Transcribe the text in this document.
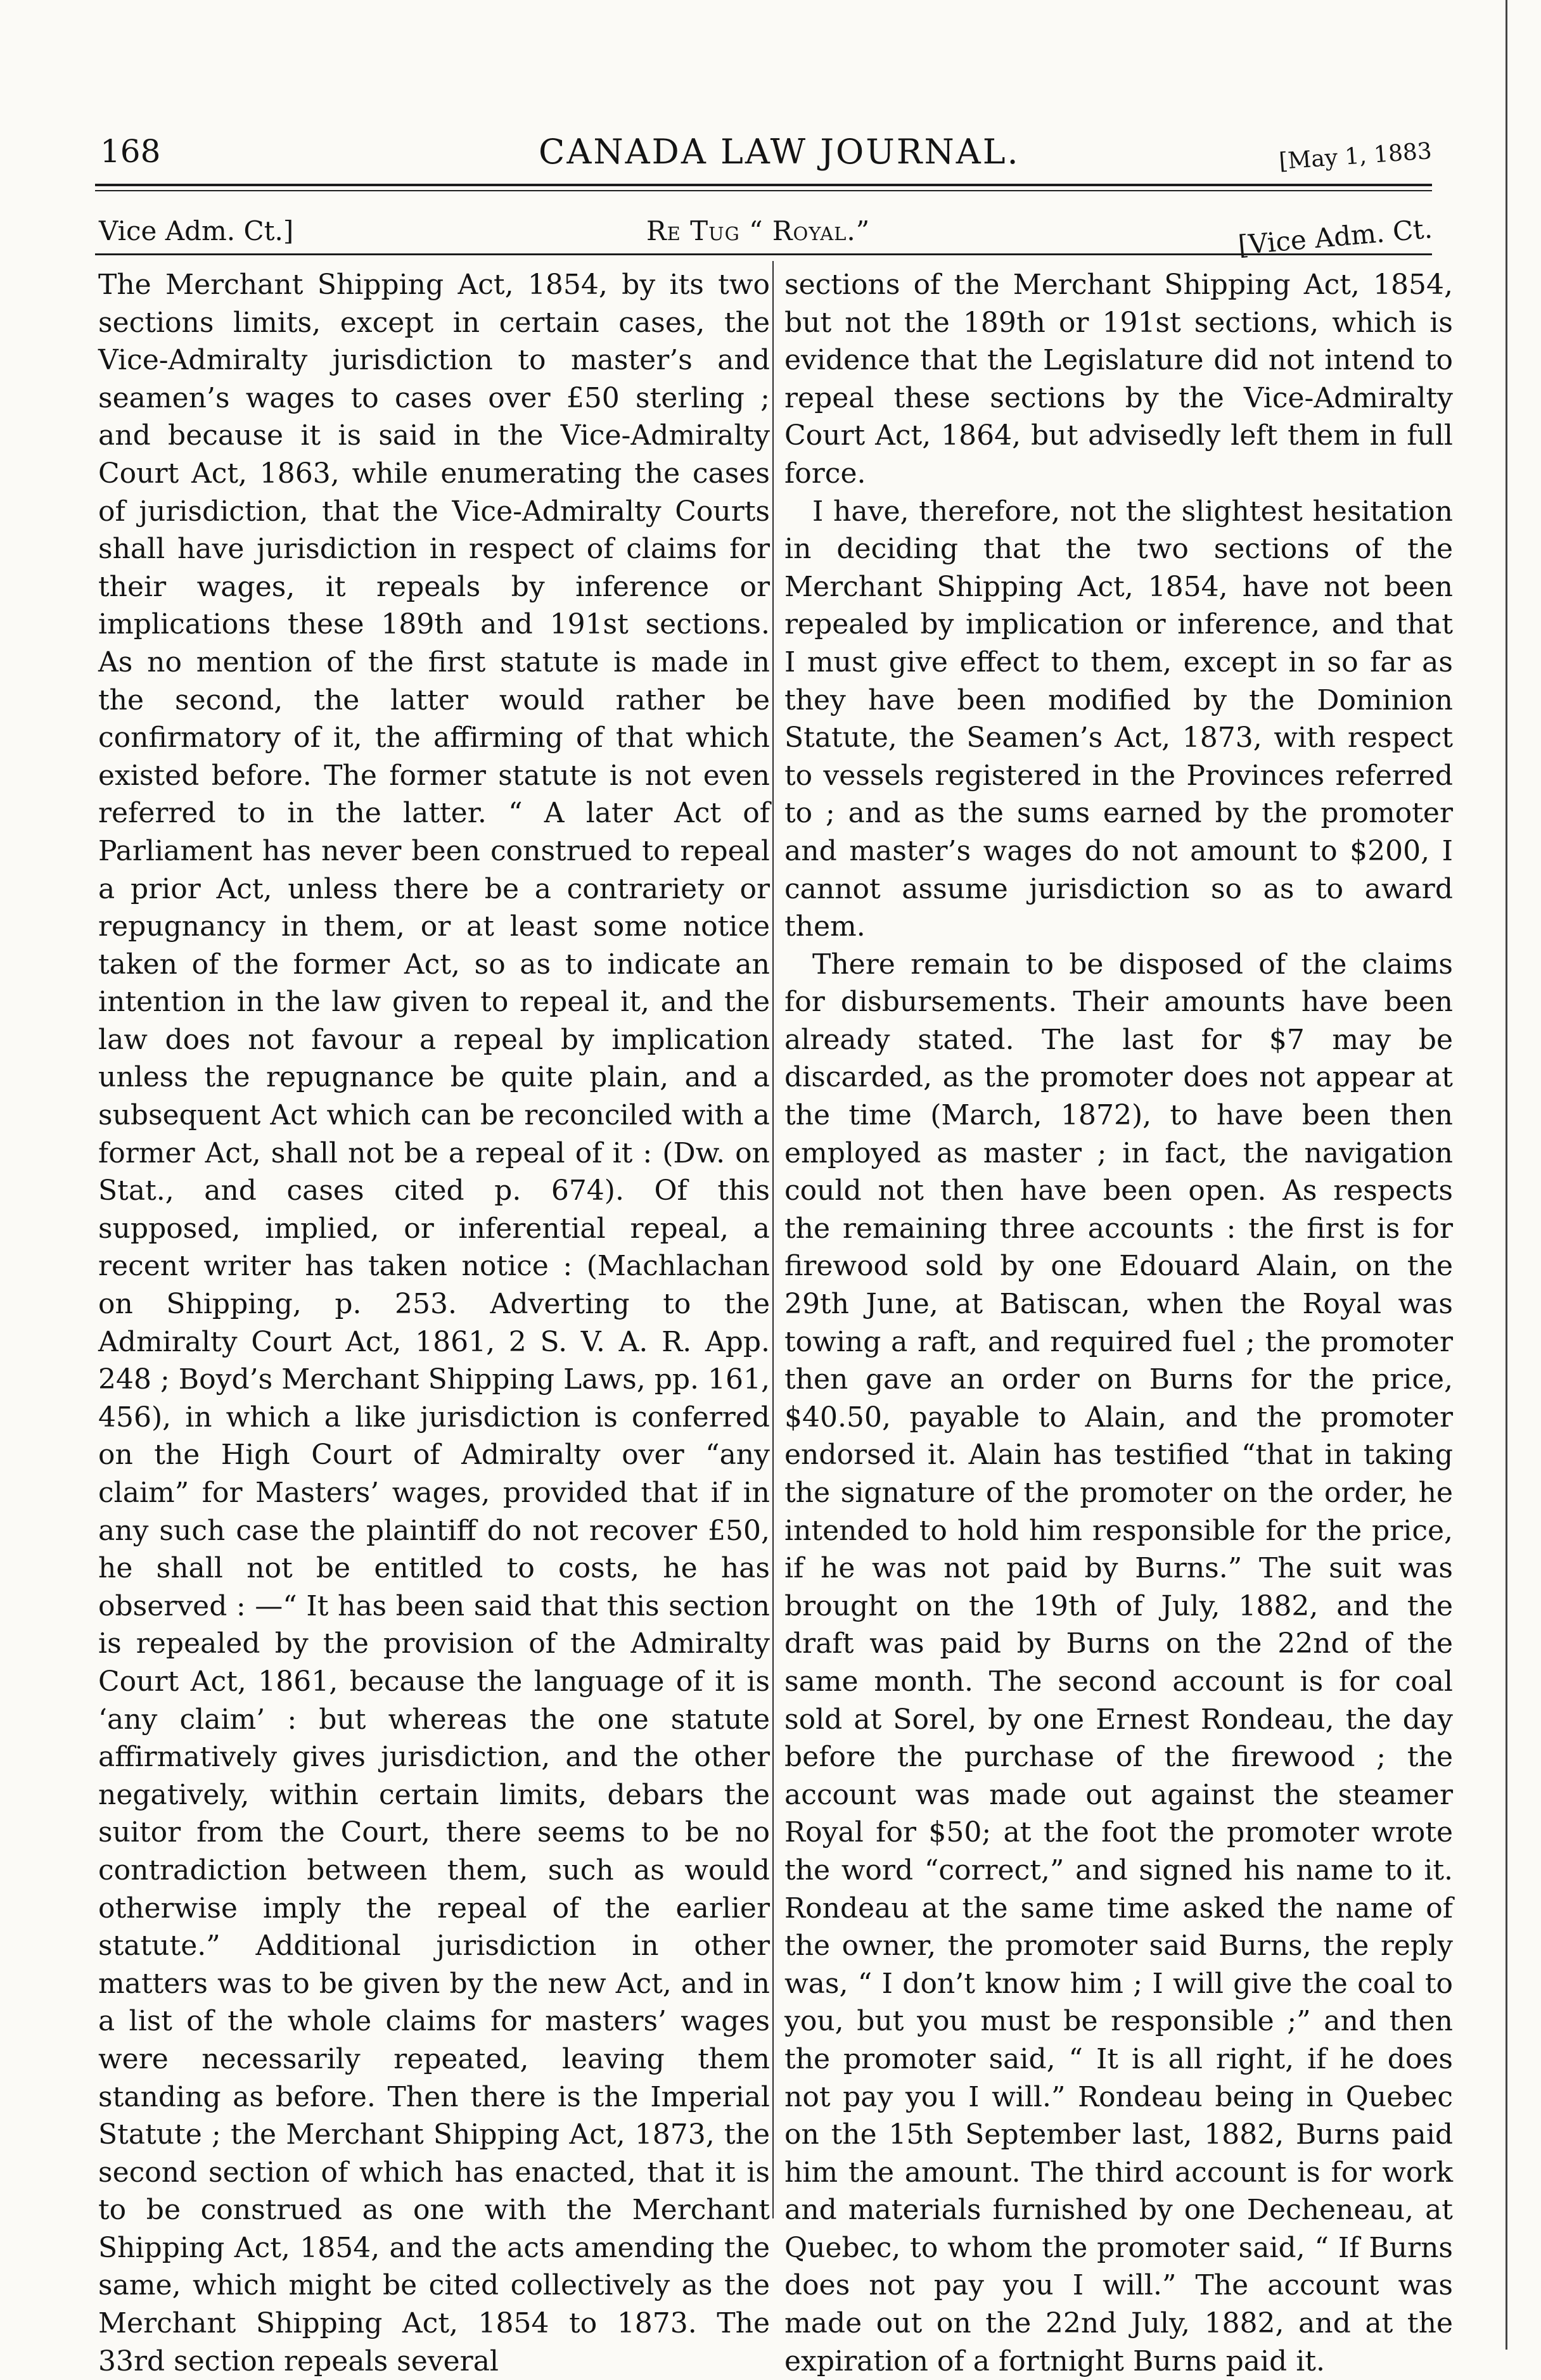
168	CANADA LAW JOURNAL.	[May 1, 1883
Vice Adm. Ct.]	Re Tug “ Royal.”	[Vice Adm. Ct.

The Merchant Shipping Act, 1854, by its two sections limits, except in certain cases, the Vice-Admiralty jurisdiction to master’s and seamen’s wages to cases over £50 sterling ; and because it is said in the Vice-Admiralty Court Act, 1863, while enumerating the cases of jurisdiction, that the Vice-Admiralty Courts shall have jurisdiction in respect of claims for their wages, it repeals by inference or implications these 189th and 191st sections. As no mention of the first statute is made in the second, the latter would rather be confirmatory of it, the affirming of that which existed before. The former statute is not even referred to in the latter. “ A later Act of Parliament has never been construed to repeal a prior Act, unless there be a contrariety or repugnancy in them, or at least some notice taken of the former Act, so as to indicate an intention in the law given to repeal it, and the law does not favour a repeal by implication unless the repugnance be quite plain, and a subsequent Act which can be reconciled with a former Act, shall not be a repeal of it : (Dw. on Stat., and cases cited p. 674). Of this supposed, implied, or inferential repeal, a recent writer has taken notice : (Machlachan on Shipping, p. 253. Adverting to the Admiralty Court Act, 1861, 2 S. V. A. R. App. 248 ; Boyd’s Merchant Shipping Laws, pp. 161, 456), in which a like jurisdiction is conferred on the High Court of Admiralty over “any claim” for Masters’ wages, provided that if in any such case the plaintiff do not recover £50, he shall not be entitled to costs, he has observed : —“ It has been said that this section is repealed by the provision of the Admiralty Court Act, 1861, because the language of it is ‘any claim’ : but whereas the one statute affirmatively gives jurisdiction, and the other negatively, within certain limits, debars the suitor from the Court, there seems to be no contradiction between them, such as would otherwise imply the repeal of the earlier statute.” Additional jurisdiction in other matters was to be given by the new Act, and in a list of the whole claims for masters’ wages were necessarily repeated, leaving them standing as before. Then there is the Imperial Statute ; the Merchant Shipping Act, 1873, the second section of which has enacted, that it is to be construed as one with the Merchant Shipping Act, 1854, and the acts amending the same, which might be cited collectively as the Merchant Shipping Act, 1854 to 1873. The 33rd section repeals several

sections of the Merchant Shipping Act, 1854, but not the 189th or 191st sections, which is evidence that the Legislature did not intend to repeal these sections by the Vice-Admiralty Court Act, 1864, but advisedly left them in full force.

I have, therefore, not the slightest hesitation in deciding that the two sections of the Merchant Shipping Act, 1854, have not been repealed by implication or inference, and that I must give effect to them, except in so far as they have been modified by the Dominion Statute, the Seamen’s Act, 1873, with respect to vessels registered in the Provinces referred to ; and as the sums earned by the promoter and master’s wages do not amount to $200, I cannot assume jurisdiction so as to award them.

There remain to be disposed of the claims for disbursements. Their amounts have been already stated. The last for $7 may be discarded, as the promoter does not appear at the time (March, 1872), to have been then employed as master ; in fact, the navigation could not then have been open. As respects the remaining three accounts : the first is for firewood sold by one Edouard Alain, on the 29th June, at Batiscan, when the Royal was towing a raft, and required fuel ; the promoter then gave an order on Burns for the price, $40.50, payable to Alain, and the promoter endorsed it. Alain has testified “that in taking the signature of the promoter on the order, he intended to hold him responsible for the price, if he was not paid by Burns.” The suit was brought on the 19th of July, 1882, and the draft was paid by Burns on the 22nd of the same month. The second account is for coal sold at Sorel, by one Ernest Rondeau, the day before the purchase of the firewood ; the account was made out against the steamer Royal for $50; at the foot the promoter wrote the word “correct,” and signed his name to it. Rondeau at the same time asked the name of the owner, the promoter said Burns, the reply was, “ I don’t know him ; I will give the coal to you, but you must be responsible ;” and then the promoter said, “ It is all right, if he does not pay you I will.” Rondeau being in Quebec on the 15th September last, 1882, Burns paid him the amount. The third account is for work and materials furnished by one Decheneau, at Quebec, to whom the promoter said, “ If Burns does not pay you I will.” The account was made out on the 22nd July, 1882, and at the expiration of a fortnight Burns paid it.
